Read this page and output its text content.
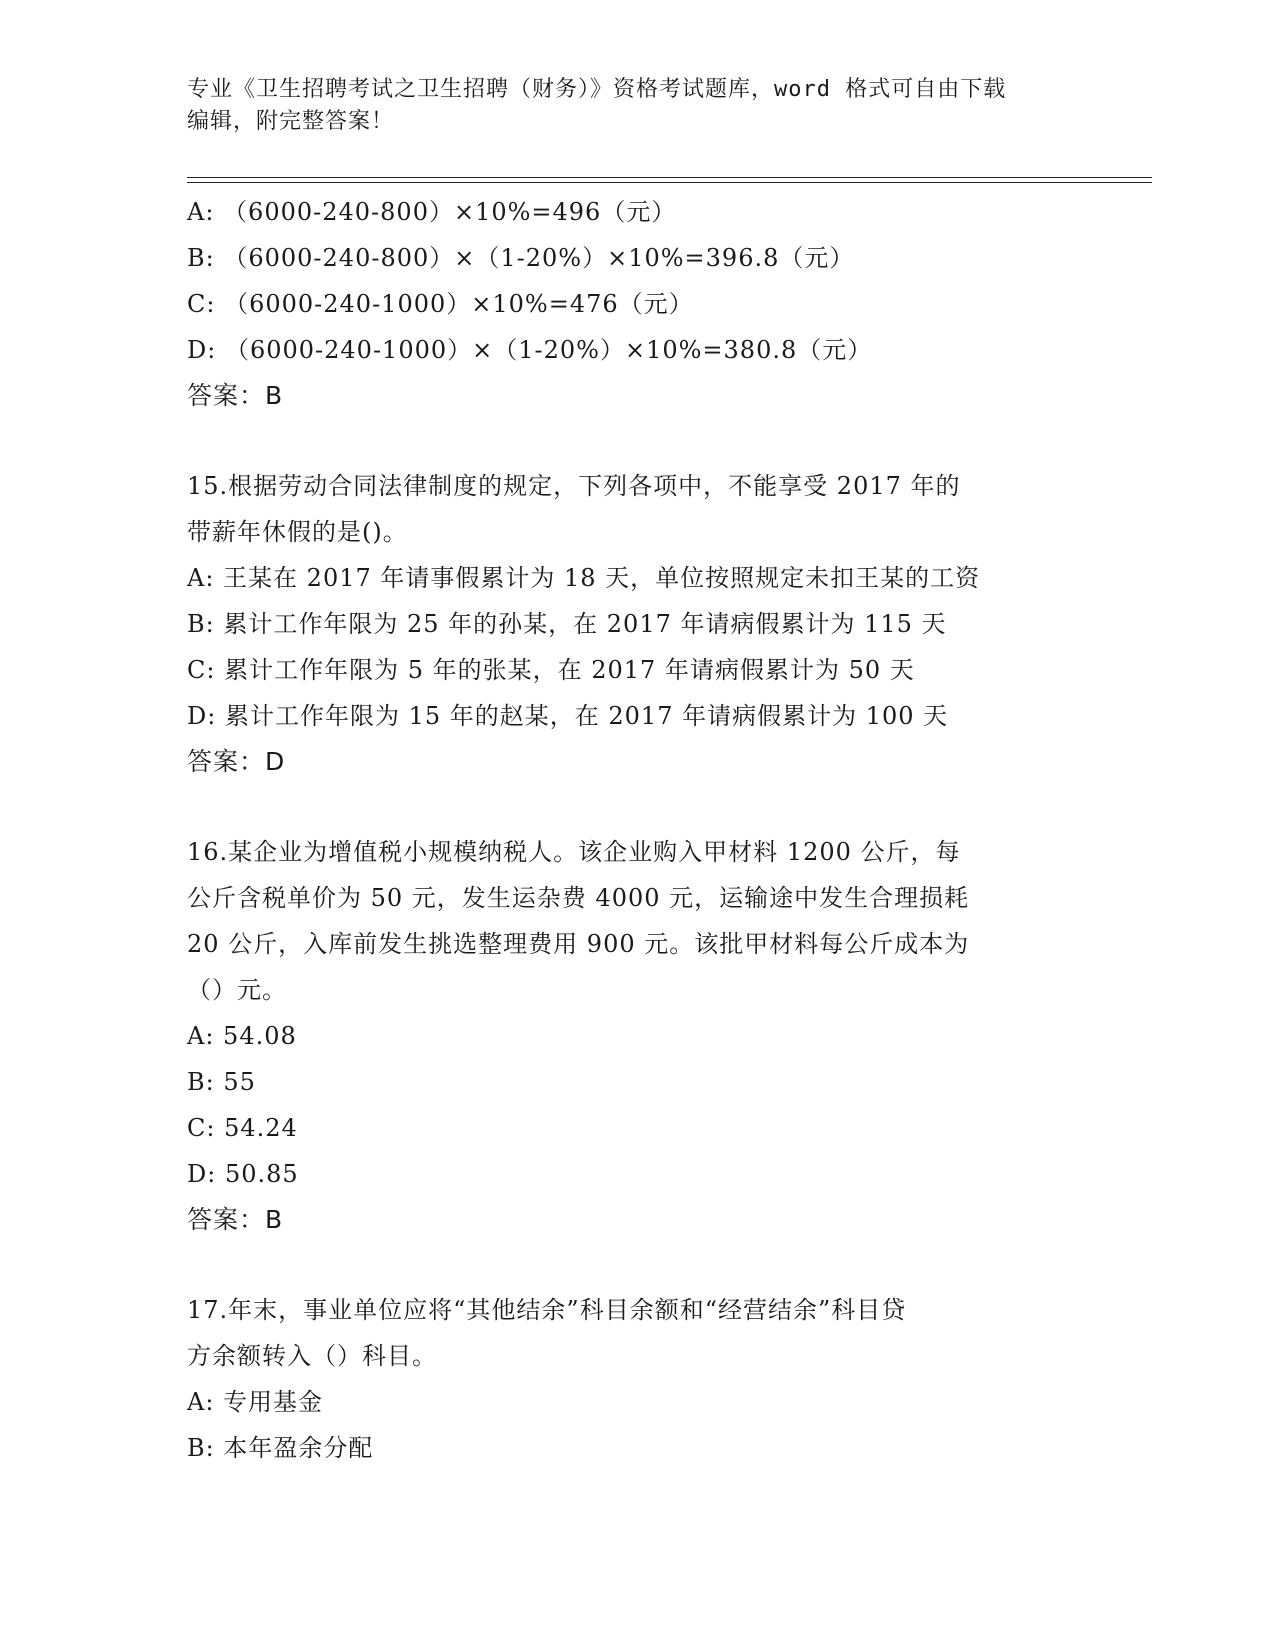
专业《卫生招聘考试之卫生招聘（财务）》资格考试题库，word 格式可自由下载
编辑，附完整答案！
A: （6000-240-800）×10%=496（元）
B: （6000-240-800）×（1-20%）×10%=396.8（元）
C: （6000-240-1000）×10%=476（元）
D: （6000-240-1000）×（1-20%）×10%=380.8（元）
答案：B
15.根据劳动合同法律制度的规定，下列各项中，不能享受 2017 年的
带薪年休假的是()。
A: 王某在 2017 年请事假累计为 18 天，单位按照规定未扣王某的工资
B: 累计工作年限为 25 年的孙某，在 2017 年请病假累计为 115 天
C: 累计工作年限为 5 年的张某，在 2017 年请病假累计为 50 天
D: 累计工作年限为 15 年的赵某，在 2017 年请病假累计为 100 天
答案：D
16.某企业为增值税小规模纳税人。该企业购入甲材料 1200 公斤，每
公斤含税单价为 50 元，发生运杂费 4000 元，运输途中发生合理损耗
20 公斤，入库前发生挑选整理费用 900 元。该批甲材料每公斤成本为
（）元。
A: 54.08
B: 55
C: 54.24
D: 50.85
答案：B
17.年末，事业单位应将“其他结余”科目余额和“经营结余”科目贷
方余额转入（）科目。
A: 专用基金
B: 本年盈余分配
